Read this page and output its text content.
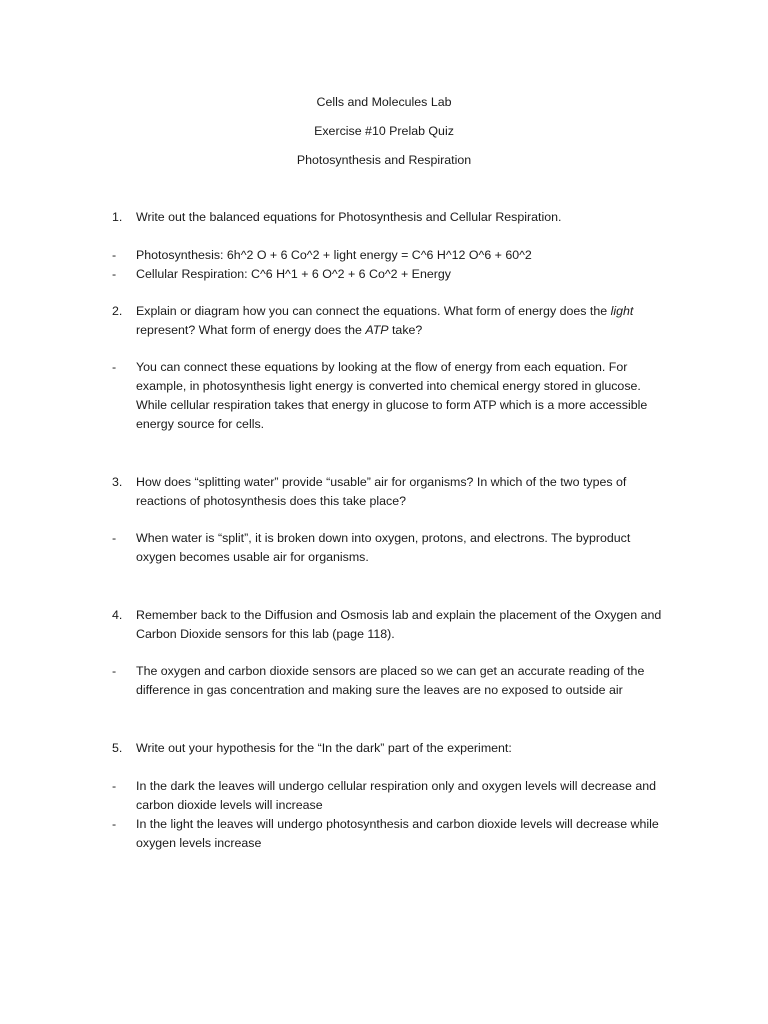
Cells and Molecules Lab
Exercise #10 Prelab Quiz
Photosynthesis and Respiration
1. Write out the balanced equations for Photosynthesis and Cellular Respiration.
- Photosynthesis: 6h^2 O + 6 Co^2 + light energy = C^6 H^12 O^6 + 60^2
- Cellular Respiration: C^6 H^1 + 6 O^2 + 6 Co^2 + Energy
2. Explain or diagram how you can connect the equations. What form of energy does the light represent? What form of energy does the ATP take?
- You can connect these equations by looking at the flow of energy from each equation. For example, in photosynthesis light energy is converted into chemical energy stored in glucose. While cellular respiration takes that energy in glucose to form ATP which is a more accessible energy source for cells.
3. How does “splitting water” provide “usable” air for organisms? In which of the two types of reactions of photosynthesis does this take place?
- When water is “split”, it is broken down into oxygen, protons, and electrons. The byproduct oxygen becomes usable air for organisms.
4. Remember back to the Diffusion and Osmosis lab and explain the placement of the Oxygen and Carbon Dioxide sensors for this lab (page 118).
- The oxygen and carbon dioxide sensors are placed so we can get an accurate reading of the difference in gas concentration and making sure the leaves are no exposed to outside air
5. Write out your hypothesis for the “In the dark” part of the experiment:
- In the dark the leaves will undergo cellular respiration only and oxygen levels will decrease and carbon dioxide levels will increase
- In the light the leaves will undergo photosynthesis and carbon dioxide levels will decrease while oxygen levels increase
